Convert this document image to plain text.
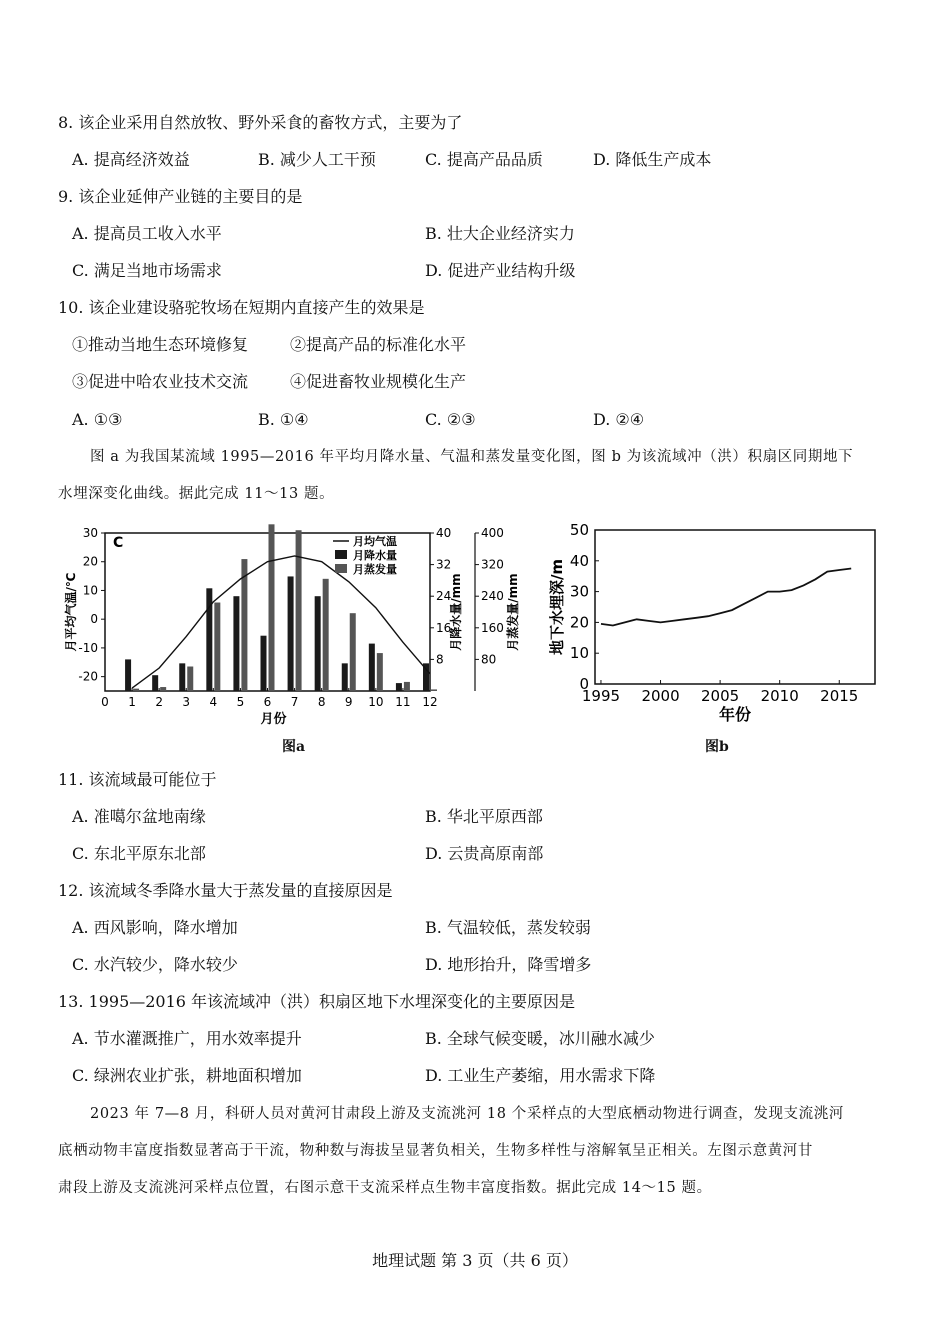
8. 该企业采用自然放牧、野外采食的畜牧方式，主要为了
A. 提高经济效益	B. 减少人工干预	C. 提高产品品质	D. 降低生产成本
9. 该企业延伸产业链的主要目的是
A. 提高员工收入水平	B. 壮大企业经济实力
C. 满足当地市场需求	D. 促进产业结构升级
10. 该企业建设骆驼牧场在短期内直接产生的效果是
①推动当地生态环境修复	②提高产品的标准化水平
③促进中哈农业技术交流	④促进畜牧业规模化生产
A. ①③	B. ①④	C. ②③	D. ②④
图 a 为我国某流域 1995—2016 年平均月降水量、气温和蒸发量变化图，图 b 为该流域冲（洪）积扇区同期地下
水埋深变化曲线。据此完成 11～13 题。
C
30
20
10
0
-10
-20
月平均气温/℃
40
32
24
16
8
月降水量/mm
400
320
240
160
80
月蒸发量/mm
0 1 2 3 4 5 6 7 8 9 10 11 12
月份
月均气温
月降水量
月蒸发量
图a
50
40
30
20
10
0
1995 2000 2005 2010 2015
年份
地下水埋深/m
图b
11. 该流域最可能位于
A. 准噶尔盆地南缘	B. 华北平原西部
C. 东北平原东北部	D. 云贵高原南部
12. 该流域冬季降水量大于蒸发量的直接原因是
A. 西风影响，降水增加	B. 气温较低，蒸发较弱
C. 水汽较少，降水较少	D. 地形抬升，降雪增多
13. 1995—2016 年该流域冲（洪）积扇区地下水埋深变化的主要原因是
A. 节水灌溉推广，用水效率提升	B. 全球气候变暖，冰川融水减少
C. 绿洲农业扩张，耕地面积增加	D. 工业生产萎缩，用水需求下降
2023 年 7—8 月，科研人员对黄河甘肃段上游及支流洮河 18 个采样点的大型底栖动物进行调查，发现支流洮河
底栖动物丰富度指数显著高于干流，物种数与海拔呈显著负相关，生物多样性与溶解氧呈正相关。左图示意黄河甘
肃段上游及支流洮河采样点位置，右图示意干支流采样点生物丰富度指数。据此完成 14～15 题。
地理试题 第 3 页（共 6 页）
